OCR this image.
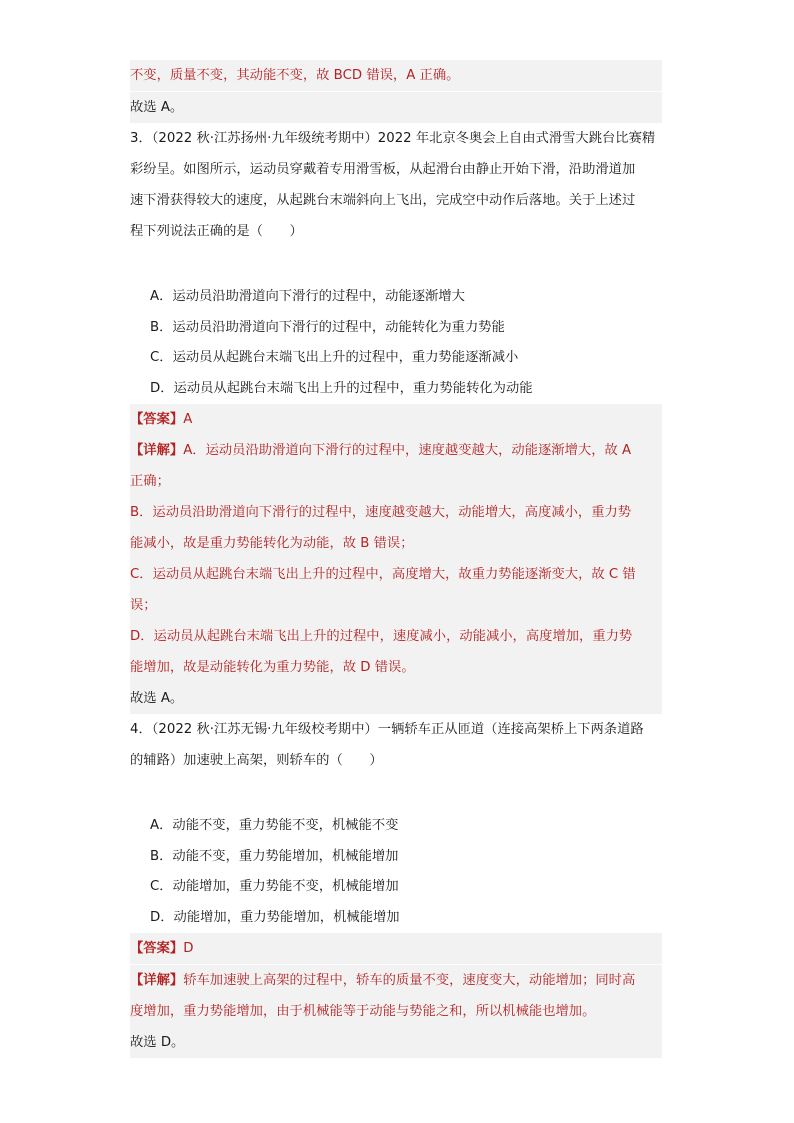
不变，质量不变，其动能不变，故 BCD 错误，A 正确。
故选 A。
3．（2022 秋·江苏扬州·九年级统考期中）2022 年北京冬奥会上自由式滑雪大跳台比赛精
彩纷呈。如图所示，运动员穿戴着专用滑雪板，从起滑台由静止开始下滑，沿助滑道加
速下滑获得较大的速度，从起跳台末端斜向上飞出，完成空中动作后落地。关于上述过
程下列说法正确的是（　　）
A．运动员沿助滑道向下滑行的过程中，动能逐渐增大
B．运动员沿助滑道向下滑行的过程中，动能转化为重力势能
C．运动员从起跳台末端飞出上升的过程中，重力势能逐渐减小
D．运动员从起跳台末端飞出上升的过程中，重力势能转化为动能
【答案】A
【详解】A．运动员沿助滑道向下滑行的过程中，速度越变越大，动能逐渐增大，故 A
正确；
B．运动员沿助滑道向下滑行的过程中，速度越变越大，动能增大，高度减小，重力势
能减小，故是重力势能转化为动能，故 B 错误；
C．运动员从起跳台末端飞出上升的过程中，高度增大，故重力势能逐渐变大，故 C 错
误；
D．运动员从起跳台末端飞出上升的过程中，速度减小，动能减小，高度增加，重力势
能增加，故是动能转化为重力势能，故 D 错误。
故选 A。
4．（2022 秋·江苏无锡·九年级校考期中）一辆轿车正从匝道（连接高架桥上下两条道路
的辅路）加速驶上高架，则轿车的（　　）
A．动能不变，重力势能不变，机械能不变
B．动能不变，重力势能增加，机械能增加
C．动能增加，重力势能不变，机械能增加
D．动能增加，重力势能增加，机械能增加
【答案】D
【详解】轿车加速驶上高架的过程中，轿车的质量不变，速度变大，动能增加；同时高
度增加，重力势能增加，由于机械能等于动能与势能之和，所以机械能也增加。
故选 D。
